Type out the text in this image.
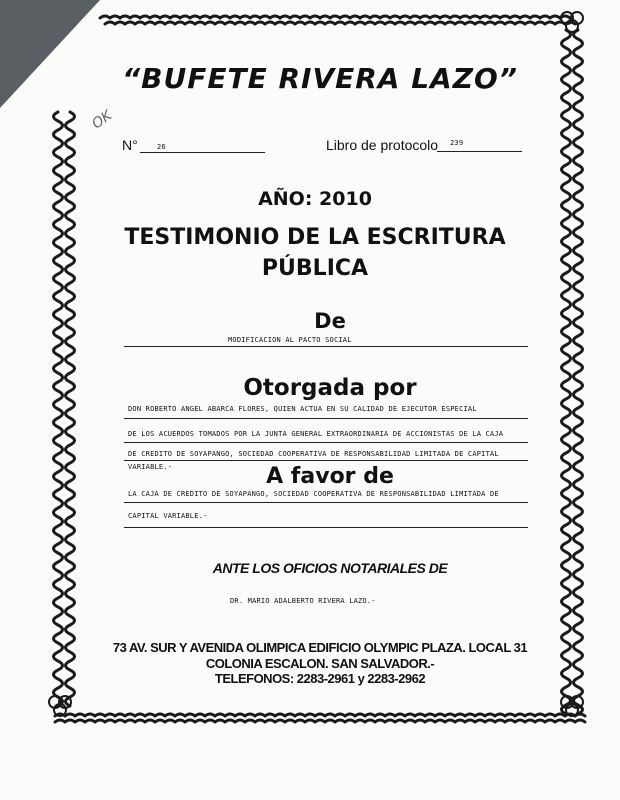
“BUFETE RIVERA LAZO”
OK
N°	26	Libro de protocolo 239
AÑO: 2010
TESTIMONIO DE LA ESCRITURA
PÚBLICA
De
MODIFICACION AL PACTO SOCIAL
Otorgada por
DON ROBERTO ANGEL ABARCA FLORES, QUIEN ACTUA EN SU CALIDAD DE EJECUTOR ESPECIAL
DE LOS ACUERDOS TOMADOS POR LA JUNTA GENERAL EXTRAORDINARIA DE ACCIONISTAS DE LA CAJA
DE CREDITO DE SOYAPANGO, SOCIEDAD COOPERATIVA DE RESPONSABILIDAD LIMITADA DE CAPITAL
VARIABLE.-	A favor de
LA CAJA DE CREDITO DE SOYAPANGO, SOCIEDAD COOPERATIVA DE RESPONSABILIDAD LIMITADA DE
CAPITAL VARIABLE.-
ANTE LOS OFICIOS NOTARIALES DE
DR. MARIO ADALBERTO RIVERA LAZO.-
73 AV. SUR Y AVENIDA OLIMPICA EDIFICIO OLYMPIC PLAZA. LOCAL 31
COLONIA ESCALON. SAN SALVADOR.-
TELEFONOS: 2283-2961 y 2283-2962
